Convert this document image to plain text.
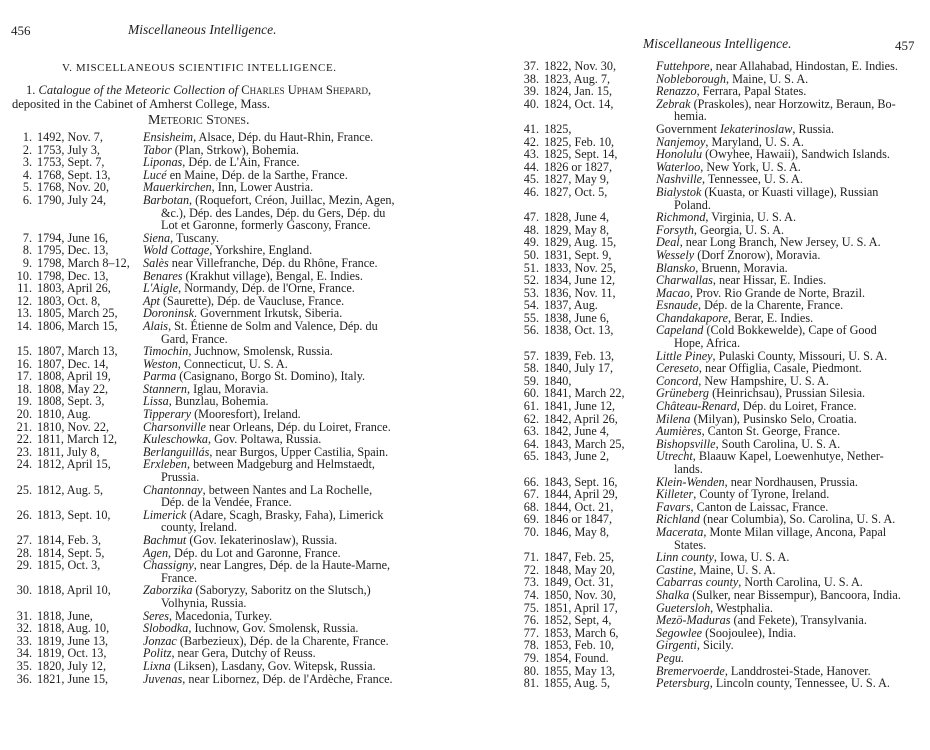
456	Miscellaneous Intelligence.
V. MISCELLANEOUS SCIENTIFIC INTELLIGENCE.
1. Catalogue of the Meteoric Collection of Charles Upham Shepard, deposited in the Cabinet of Amherst College, Mass.
Meteoric Stones.
1. 1492, Nov. 7,	Ensisheim, Alsace, Dép. du Haut-Rhin, France.
2. 1753, July 3,	Tabor (Plan, Strkow), Bohemia.
3. 1753, Sept. 7,	Liponas, Dép. de L'Ain, France.
4. 1768, Sept. 13,	Lucé en Maine, Dép. de la Sarthe, France.
5. 1768, Nov. 20,	Mauerkirchen, Inn, Lower Austria.
6. 1790, July 24,	Barbotan, (Roquefort, Créon, Juillac, Mezin, Agen,
&c.), Dép. des Landes, Dép. du Gers, Dép. du Lot et Garonne, formerly Gascony, France.
7. 1794, June 16,	Siena, Tuscany.
8. 1795, Dec. 13,	Wold Cottage, Yorkshire, England.
9. 1798, March 8–12,	Salès near Villefranche, Dép. du Rhône, France.
10. 1798, Dec. 13,	Benares (Krakhut village), Bengal, E. Indies.
11. 1803, April 26,	L'Aigle, Normandy, Dép. de l'Orne, France.
12. 1803, Oct. 8,	Apt (Saurette), Dép. de Vaucluse, France.
13. 1805, March 25,	Doroninsk. Government Irkutsk, Siberia.
14. 1806, March 15,	Alais, St. Étienne de Solm and Valence, Dép. du
Gard, France.
15. 1807, March 13,	Timochin, Juchnow, Smolensk, Russia.
16. 1807, Dec. 14,	Weston, Connecticut, U. S. A.
17. 1808, April 19,	Parma (Casignano, Borgo St. Domino), Italy.
18. 1808, May 22,	Stannern, Iglau, Moravia.
19. 1808, Sept. 3,	Lissa, Bunzlau, Bohemia.
20. 1810, Aug.	Tipperary (Mooresfort), Ireland.
21. 1810, Nov. 22,	Charsonville near Orleans, Dép. du Loiret, France.
22. 1811, March 12,	Kuleschowka, Gov. Poltawa, Russia.
23. 1811, July 8,	Berlanguillás, near Burgos, Upper Castilia, Spain.
24. 1812, April 15,	Erxleben, between Madgeburg and Helmstaedt,
Prussia.
25. 1812, Aug. 5,	Chantonnay, between Nantes and La Rochelle,
Dép. de la Vendée, France.
26. 1813, Sept. 10,	Limerick (Adare, Scagh, Brasky, Faha), Limerick
county, Ireland.
27. 1814, Feb. 3,	Bachmut (Gov. Iekaterinoslaw), Russia.
28. 1814, Sept. 5,	Agen, Dép. du Lot and Garonne, France.
29. 1815, Oct. 3,	Chassigny, near Langres, Dép. de la Haute-Marne,
France.
30. 1818, April 10,	Zaborzika (Saboryzy, Saboritz on the Slutsch,)
Volhynia, Russia.
31. 1818, June,	Seres, Macedonia, Turkey.
32. 1818, Aug. 10,	Slobodka, Iuchnow, Gov. Smolensk, Russia.
33. 1819, June 13,	Jonzac (Barbezieux), Dép. de la Charente, France.
34. 1819, Oct. 13,	Politz, near Gera, Dutchy of Reuss.
35. 1820, July 12,	Lixna (Liksen), Lasdany, Gov. Witepsk, Russia.
36. 1821, June 15,	Juvenas, near Libornez, Dép. de l'Ardèche, France.
Miscellaneous Intelligence.	457
37. 1822, Nov. 30,	Futtehpore, near Allahabad, Hindostan, E. Indies.
38. 1823, Aug. 7,	Nobleborough, Maine, U. S. A.
39. 1824, Jan. 15,	Renazzo, Ferrara, Papal States.
40. 1824, Oct. 14,	Zebrak (Praskoles), near Horzowitz, Beraun, Bo-
hemia.
41. 1825,	Government Iekaterinoslaw, Russia.
42. 1825, Feb. 10,	Nanjemoy, Maryland, U. S. A.
43. 1825, Sept. 14,	Honolulu (Owyhee, Hawaii), Sandwich Islands.
44. 1826 or 1827,	Waterloo, New York, U. S. A.
45. 1827, May 9,	Nashville, Tennessee, U. S. A.
46. 1827, Oct. 5,	Bialystok (Kuasta, or Kuasti village), Russian
Poland.
47. 1828, June 4,	Richmond, Virginia, U. S. A.
48. 1829, May 8,	Forsyth, Georgia, U. S. A.
49. 1829, Aug. 15,	Deal, near Long Branch, New Jersey, U. S. A.
50. 1831, Sept. 9,	Wessely (Dorf Znorow), Moravia.
51. 1833, Nov. 25,	Blansko, Bruenn, Moravia.
52. 1834, June 12,	Charwallas, near Hissar, E. Indies.
53. 1836, Nov. 11,	Macao, Prov. Rio Grande de Norte, Brazil.
54. 1837, Aug.	Esnaude, Dép. de la Charente, France.
55. 1838, June 6,	Chandakapore, Berar, E. Indies.
56. 1838, Oct. 13,	Capeland (Cold Bokkewelde), Cape of Good
Hope, Africa.
57. 1839, Feb. 13,	Little Piney, Pulaski County, Missouri, U. S. A.
58. 1840, July 17,	Cereseto, near Offiglia, Casale, Piedmont.
59. 1840,	Concord, New Hampshire, U. S. A.
60. 1841, March 22,	Grüneberg (Heinrichsau), Prussian Silesia.
61. 1841, June 12,	Château-Renard, Dép. du Loiret, France.
62. 1842, April 26,	Milena (Milyan), Pusinsko Selo, Croatia.
63. 1842, June 4,	Aumières, Canton St. George, France.
64. 1843, March 25,	Bishopsville, South Carolina, U. S. A.
65. 1843, June 2,	Utrecht, Blaauw Kapel, Loewenhutye, Nether-
lands.
66. 1843, Sept. 16,	Klein-Wenden, near Nordhausen, Prussia.
67. 1844, April 29,	Killeter, County of Tyrone, Ireland.
68. 1844, Oct. 21,	Favars, Canton de Laissac, France.
69. 1846 or 1847,	Richland (near Columbia), So. Carolina, U. S. A.
70. 1846, May 8,	Macerata, Monte Milan village, Ancona, Papal
States.
71. 1847, Feb. 25,	Linn county, Iowa, U. S. A.
72. 1848, May 20,	Castine, Maine, U. S. A.
73. 1849, Oct. 31,	Cabarras county, North Carolina, U. S. A.
74. 1850, Nov. 30,	Shalka (Sulker, near Bissempur), Bancoora, India.
75. 1851, April 17,	Guetersloh, Westphalia.
76. 1852, Sept, 4,	Mezö-Maduras (and Fekete), Transylvania.
77. 1853, March 6,	Segowlee (Soojoulee), India.
78. 1853, Feb. 10,	Girgenti, Sicily.
79. 1854, Found.	Pegu.
80. 1855, May 13,	Bremervoerde, Landdrostei-Stade, Hanover.
81. 1855, Aug. 5,	Petersburg, Lincoln county, Tennessee, U. S. A.
